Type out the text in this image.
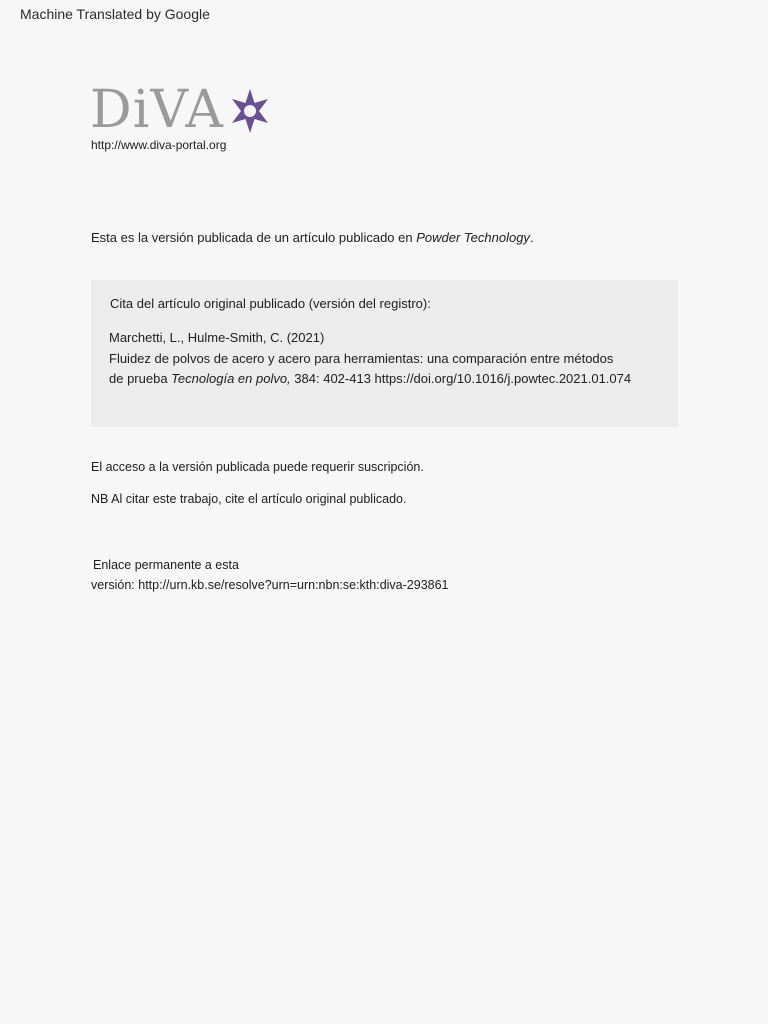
Machine Translated by Google
DiVA
http://www.diva-portal.org
Esta es la versión publicada de un artículo publicado en Powder Technology.
Cita del artículo original publicado (versión del registro):
Marchetti, L., Hulme-Smith, C. (2021)
Fluidez de polvos de acero y acero para herramientas: una comparación entre métodos
de prueba Tecnología en polvo, 384: 402-413 https://doi.org/10.1016/j.powtec.2021.01.074
El acceso a la versión publicada puede requerir suscripción.
NB Al citar este trabajo, cite el artículo original publicado.
Enlace permanente a esta
versión: http://urn.kb.se/resolve?urn=urn:nbn:se:kth:diva-293861
